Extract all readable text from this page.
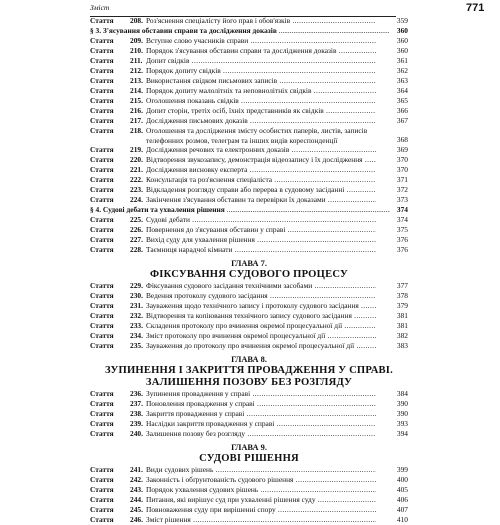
Зміст	771
Стаття	208. Роз'яснення спеціалісту його прав і обов'язків .....	359
§ 3. З'ясування обставин справи та дослідження доказів .....	360
Стаття	209. Вступне слово учасників справи .....	360
Стаття	210. Порядок з'ясування обставин справи та дослідження доказів .....	360
Стаття	211. Допит свідків .....	361
Стаття	212. Порядок допиту свідків .....	362
Стаття	213. Використання свідком письмових записів .....	363
Стаття	214. Порядок допиту малолітніх та неповнолітніх свідків .....	364
Стаття	215. Оголошення показань свідків .....	365
Стаття	216. Допит сторін, третіх осіб, їхніх представників як свідків .....	366
Стаття	217. Дослідження письмових доказів .....	367
Стаття	218. Оголошення та дослідження змісту особистих паперів, листів, записів телефонних розмов, телеграм та інших видів кореспонденції .....	368
Стаття	219. Дослідження речових та електронних доказів .....	369
Стаття	220. Відтворення звукозапису, демонстрація відеозапису і їх дослідження .....	370
Стаття	221. Дослідження висновку експерта .....	370
Стаття	222. Консультація та роз'яснення спеціаліста .....	371
Стаття	223. Відкладення розгляду справи або перерва в судовому засіданні .....	372
Стаття	224. Закінчення з'ясування обставин та перевірки їх доказами .....	373
§ 4. Судові дебати та ухвалення рішення .....	374
Стаття	225. Судові дебати .....	374
Стаття	226. Повернення до з'ясування обставин у справі .....	375
Стаття	227. Вихід суду для ухвалення рішення .....	376
Стаття	228. Таємниця нарадчої кімнати .....	376
ГЛАВА 7.
ФІКСУВАННЯ СУДОВОГО ПРОЦЕСУ
Стаття	229. Фіксування судового засідання технічними засобами .....	377
Стаття	230. Ведення протоколу судового засідання .....	378
Стаття	231. Зауваження щодо технічного запису і протоколу судового засідання .....	379
Стаття	232. Відтворення та копіювання технічного запису судового засідання .....	381
Стаття	233. Складення протоколу про вчинення окремої процесуальної дії .....	381
Стаття	234. Зміст протоколу про вчинення окремої процесуальної дії .....	382
Стаття	235. Зауваження до протоколу про вчинення окремої процесуальної дії .....	383
ГЛАВА 8.
ЗУПИНЕННЯ І ЗАКРИТТЯ ПРОВАДЖЕННЯ У СПРАВІ.
ЗАЛИШЕННЯ ПОЗОВУ БЕЗ РОЗГЛЯДУ
Стаття	236. Зупинення провадження у справі .....	384
Стаття	237. Поновлення провадження у справі .....	390
Стаття	238. Закриття провадження у справі .....	390
Стаття	239. Наслідки закриття провадження у справі .....	393
Стаття	240. Залишення позову без розгляду .....	394
ГЛАВА 9.
СУДОВІ РІШЕННЯ
Стаття	241. Види судових рішень .....	399
Стаття	242. Законність і обґрунтованість судового рішення .....	400
Стаття	243. Порядок ухвалення судових рішень .....	405
Стаття	244. Питання, які вирішує суд при ухваленні рішення суду .....	406
Стаття	245. Повноваження суду при вирішенні спору .....	407
Стаття	246. Зміст рішення .....	410
